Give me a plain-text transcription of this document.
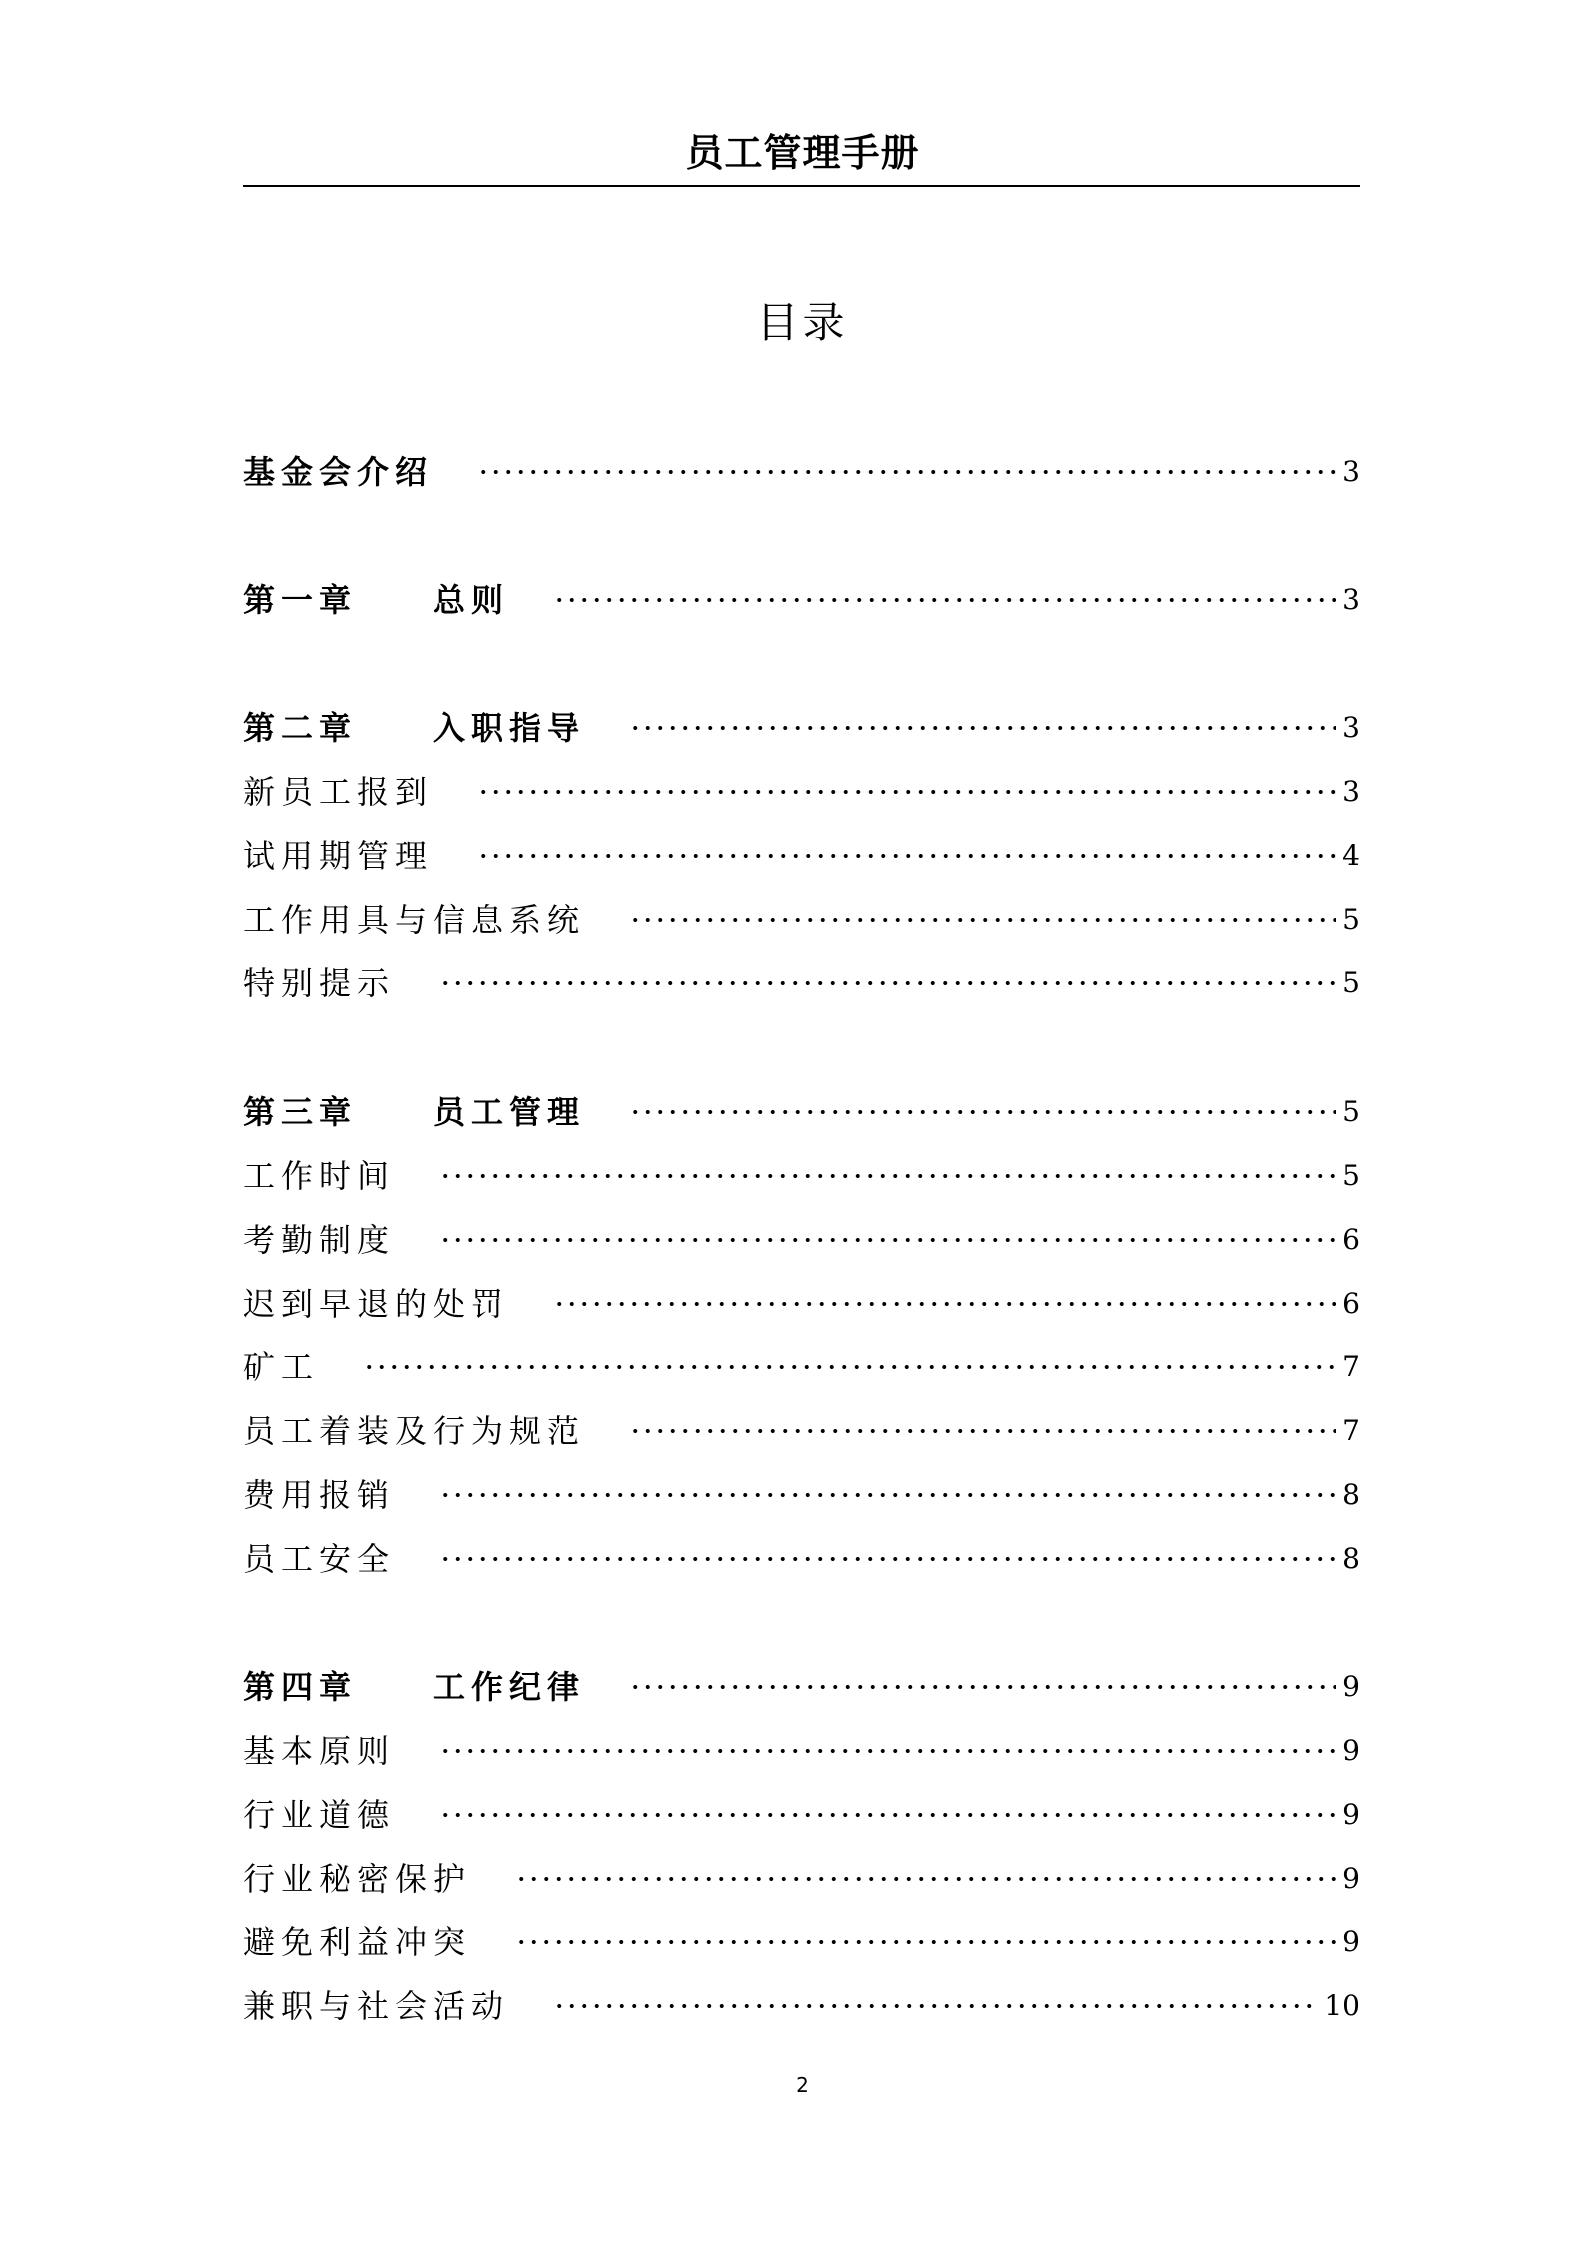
员工管理手册
目录
基金会介绍	3
第一章　　总则	3
第二章　　入职指导	3
新员工报到	3
试用期管理	4
工作用具与信息系统	5
特别提示	5
第三章　　员工管理	5
工作时间	5
考勤制度	6
迟到早退的处罚	6
矿工	7
员工着装及行为规范	7
费用报销	8
员工安全	8
第四章　　工作纪律	9
基本原则	9
行业道德	9
行业秘密保护	9
避免利益冲突	9
兼职与社会活动	10
2
